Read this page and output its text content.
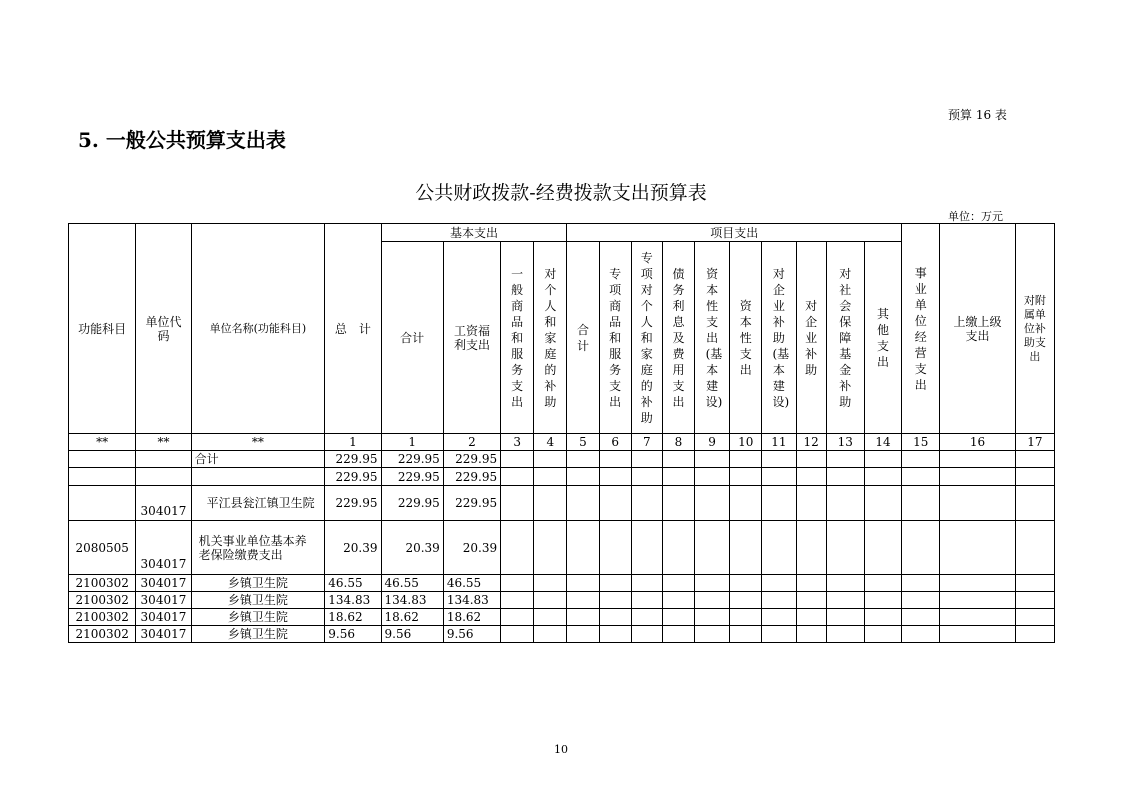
预算 16 表
5. 一般公共预算支出表
公共财政拨款-经费拨款支出预算表
单位：万元
功能科目	单位代码	单位名称(功能科目)	总　计	基本支出				项目支出										事业单位经营支出	上缴上级支出	对附属单位补助支出
				合计	工资福利支出	一般商品和服务支出	对个人和家庭的补助	合计	专项商品和服务支出	专项对个人和家庭的补助	债务利息及费用支出	资本性支出(基本建设)	资本性支出	对企业补助(基本建设)	对企业补助	对社会保障基金补助	其他支出			
**	**	**	1	1	2	3	4	5	6	7	8	9	10	11	12	13	14	15	16	17
		合计	229.95	229.95	229.95															
			229.95	229.95	229.95															
	304017	平江县瓮江镇卫生院	229.95	229.95	229.95															
2080505	304017	机关事业单位基本养老保险缴费支出	20.39	20.39	20.39															
2100302	304017	乡镇卫生院	46.55	46.55	46.55															
2100302	304017	乡镇卫生院	134.83	134.83	134.83															
2100302	304017	乡镇卫生院	18.62	18.62	18.62															
2100302	304017	乡镇卫生院	9.56	9.56	9.56															
10
